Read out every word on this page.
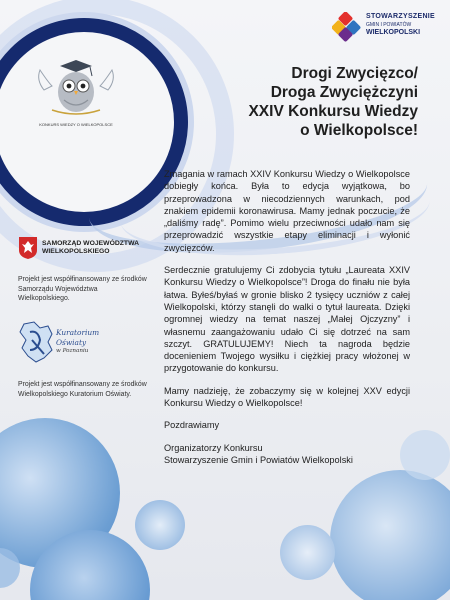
STOWARZYSZENIE
GMIN I POWIATÓW
WIELKOPOLSKI
KONKURS WIEDZY O WIELKOPOLSCE
Drogi Zwycięzco/
Droga Zwyciężczyni
XXIV Konkursu Wiedzy
o Wielkopolsce!

Zmagania w ramach XXIV Konkursu Wiedzy o Wielkopolsce dobiegły końca. Była to edycja wyjątkowa, bo przeprowadzona w niecodziennych warunkach, pod znakiem epidemii koronawirusa. Mamy jednak poczucie, że „daliśmy radę”. Pomimo wielu przeciwności udało nam się przeprowadzić wszystkie etapy eliminacji i wyłonić zwycięzców.

Serdecznie gratulujemy Ci zdobycia tytułu „Laureata XXIV Konkursu Wiedzy o Wielkopolsce”! Droga do finału nie była łatwa. Byłeś/byłaś w gronie blisko 2 tysięcy uczniów z całej Wielkopolski, którzy stanęli do walki o tytuł laureata. Dzięki ogromnej wiedzy na temat naszej „Małej Ojczyzny” i własnemu zaangażowaniu udało Ci się dotrzeć na sam szczyt. GRATULUJEMY! Niech ta nagroda będzie docenieniem Twojego wysiłku i ciężkiej pracy włożonej w przygotowanie do konkursu.

Mamy nadzieję, że zobaczymy się w kolejnej XXV edycji Konkursu Wiedzy o Wielkopolsce!

Pozdrawiamy

Organizatorzy Konkursu

Stowarzyszenie Gmin i Powiatów Wielkopolski

SAMORZĄD WOJEWÓDZTWA
WIELKOPOLSKIEGO
Projekt jest współfinansowany ze środków Samorządu Województwa Wielkopolskiego.
Kuratorium
Oświaty
w Poznaniu
Projekt jest współfinansowany ze środków Wielkopolskiego Kuratorium Oświaty.
